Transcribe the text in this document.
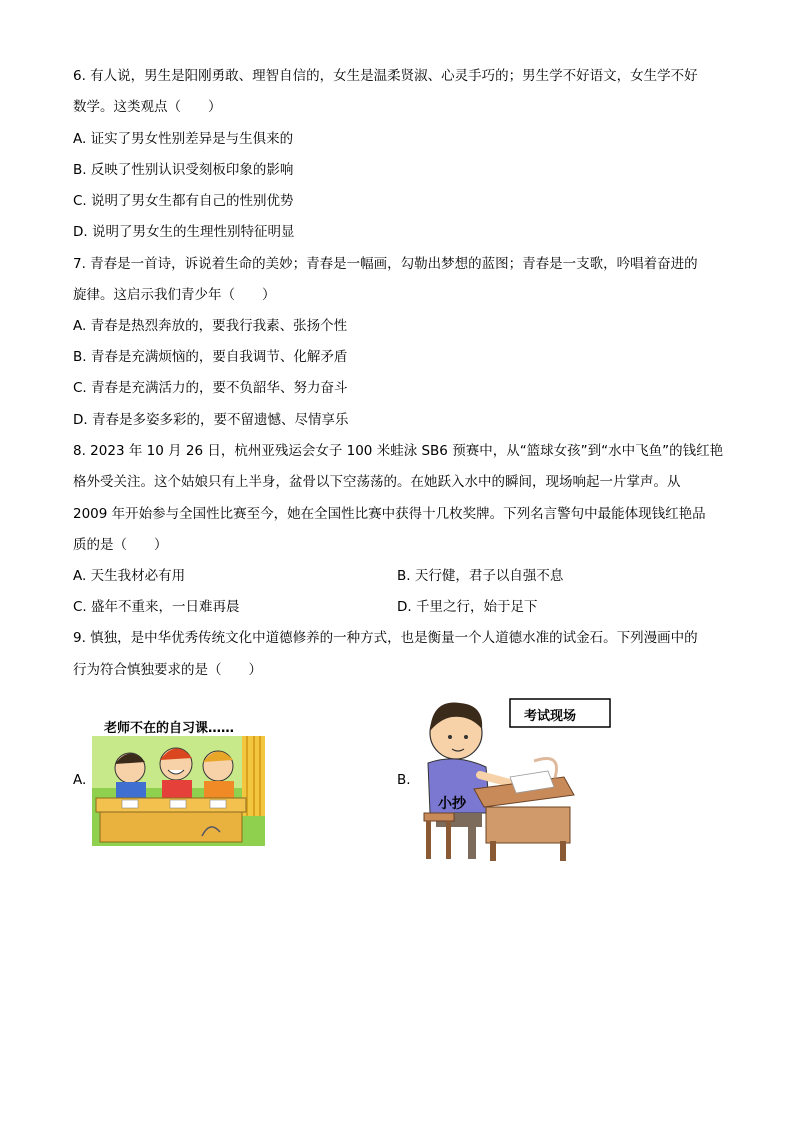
6. 有人说，男生是阳刚勇敢、理智自信的，女生是温柔贤淑、心灵手巧的；男生学不好语文，女生学不好
数学。这类观点（　　）
A. 证实了男女性别差异是与生俱来的
B. 反映了性别认识受刻板印象的影响
C. 说明了男女生都有自己的性别优势
D. 说明了男女生的生理性别特征明显
7. 青春是一首诗，诉说着生命的美妙；青春是一幅画，勾勒出梦想的蓝图；青春是一支歌，吟唱着奋进的
旋律。这启示我们青少年（　　）
A. 青春是热烈奔放的，要我行我素、张扬个性
B. 青春是充满烦恼的，要自我调节、化解矛盾
C. 青春是充满活力的，要不负韶华、努力奋斗
D. 青春是多姿多彩的，要不留遗憾、尽情享乐
8. 2023 年 10 月 26 日，杭州亚残运会女子 100 米蛙泳 SB6 预赛中，从“篮球女孩”到“水中飞鱼”的钱红艳
格外受关注。这个姑娘只有上半身，盆骨以下空荡荡的。在她跃入水中的瞬间，现场响起一片掌声。从
2009 年开始参与全国性比赛至今，她在全国性比赛中获得十几枚奖牌。下列名言警句中最能体现钱红艳品
质的是（　　）
A. 天生我材必有用	B. 天行健，君子以自强不息
C. 盛年不重来，一日难再晨	D. 千里之行，始于足下
9. 慎独，是中华优秀传统文化中道德修养的一种方式，也是衡量一个人道德水准的试金石。下列漫画中的
行为符合慎独要求的是（　　）
A.	B.
老师不在的自习课……
考试现场
小抄
